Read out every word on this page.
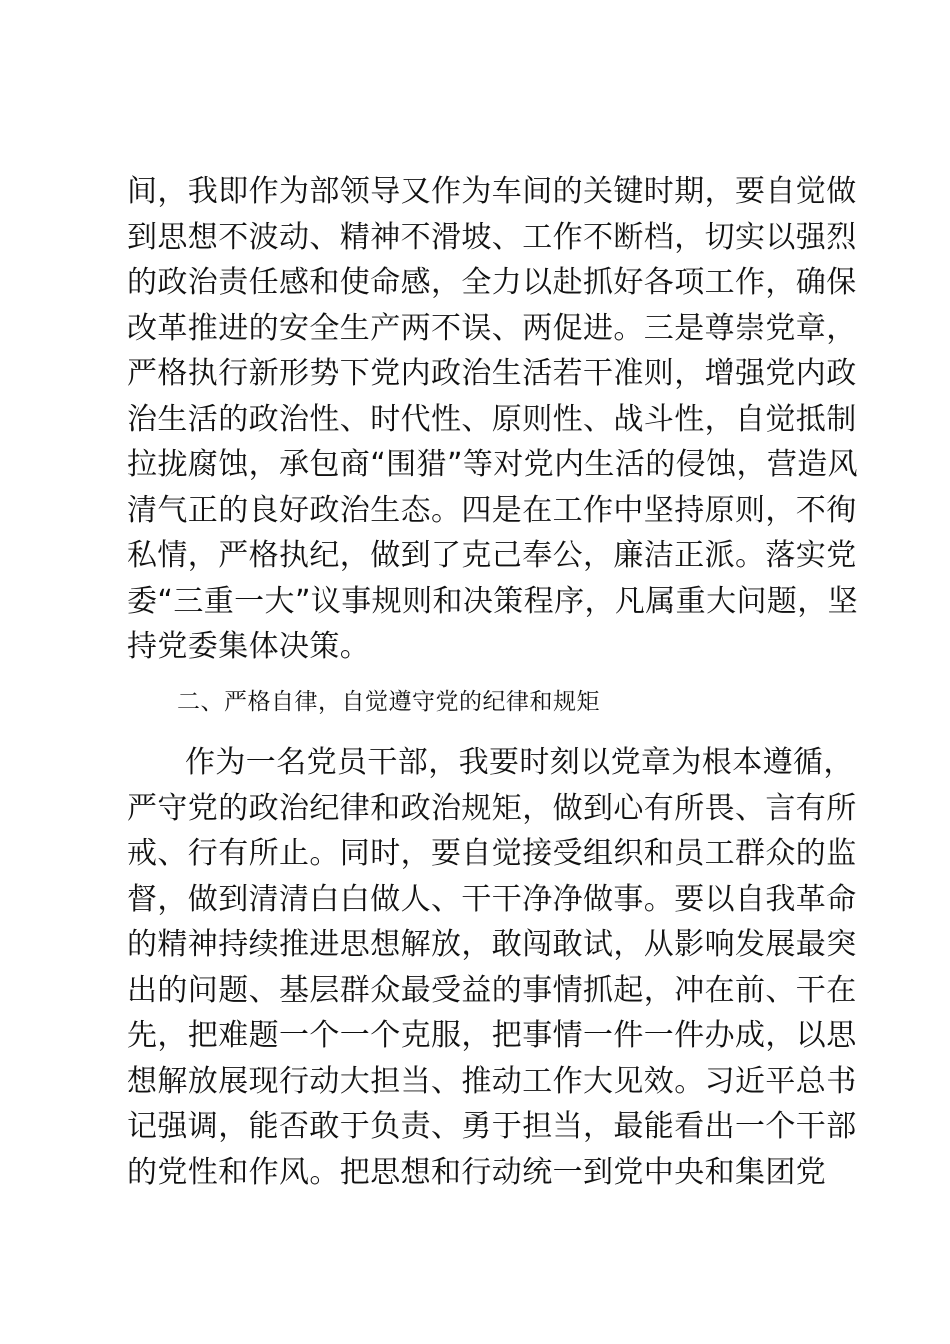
间，我即作为部领导又作为车间的关键时期，要自觉做
到思想不波动、精神不滑坡、工作不断档，切实以强烈
的政治责任感和使命感，全力以赴抓好各项工作，确保
改革推进的安全生产两不误、两促进。三是尊崇党章，
严格执行新形势下党内政治生活若干准则，增强党内政
治生活的政治性、时代性、原则性、战斗性，自觉抵制
拉拢腐蚀，承包商“围猎”等对党内生活的侵蚀，营造风
清气正的良好政治生态。四是在工作中坚持原则，不徇
私情，严格执纪，做到了克己奉公，廉洁正派。落实党
委“三重一大”议事规则和决策程序，凡属重大问题，坚
持党委集体决策。
二、严格自律，自觉遵守党的纪律和规矩
作为一名党员干部，我要时刻以党章为根本遵循，
严守党的政治纪律和政治规矩，做到心有所畏、言有所
戒、行有所止。同时，要自觉接受组织和员工群众的监
督，做到清清白白做人、干干净净做事。要以自我革命
的精神持续推进思想解放，敢闯敢试，从影响发展最突
出的问题、基层群众最受益的事情抓起，冲在前、干在
先，把难题一个一个克服，把事情一件一件办成，以思
想解放展现行动大担当、推动工作大见效。习近平总书
记强调，能否敢于负责、勇于担当，最能看出一个干部
的党性和作风。把思想和行动统一到党中央和集团党
